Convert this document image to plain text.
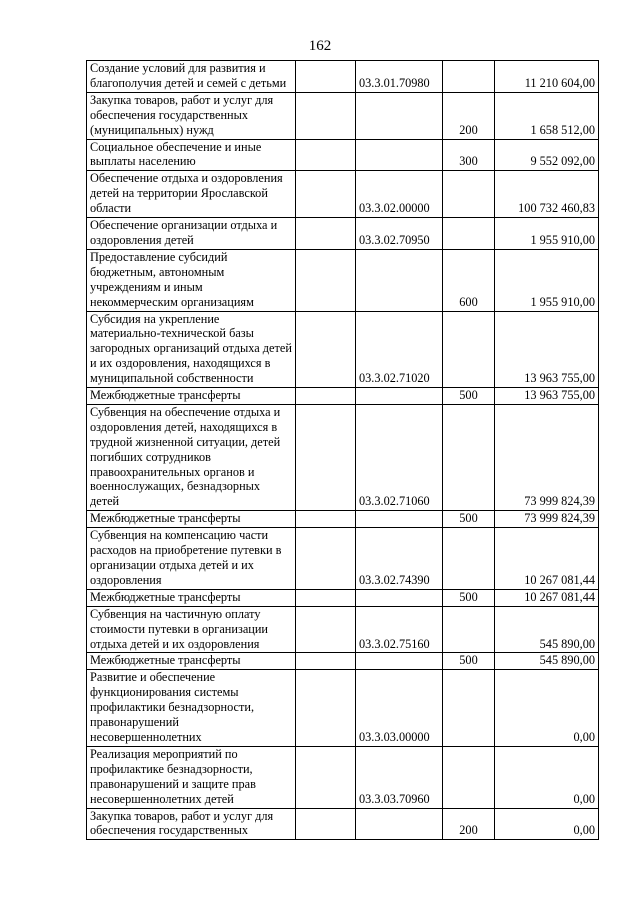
162
Создание условий для развития и благополучия детей и семей с детьми		03.3.01.70980		11 210 604,00
Закупка товаров, работ и услуг для обеспечения государственных (муниципальных) нужд			200	1 658 512,00
Социальное обеспечение и иные выплаты населению			300	9 552 092,00
Обеспечение отдыха и оздоровления детей на территории Ярославской области		03.3.02.00000		100 732 460,83
Обеспечение организации отдыха и оздоровления детей		03.3.02.70950		1 955 910,00
Предоставление субсидий бюджетным, автономным учреждениям и иным некоммерческим организациям			600	1 955 910,00
Субсидия на укрепление материально-технической базы загородных организаций отдыха детей и их оздоровления, находящихся в муниципальной собственности		03.3.02.71020		13 963 755,00
Межбюджетные трансферты			500	13 963 755,00
Субвенция на обеспечение отдыха и оздоровления детей, находящихся в трудной жизненной ситуации, детей погибших сотрудников правоохранительных органов и военнослужащих, безнадзорных детей		03.3.02.71060		73 999 824,39
Межбюджетные трансферты			500	73 999 824,39
Субвенция на компенсацию части расходов на приобретение путевки в организации отдыха детей и их оздоровления		03.3.02.74390		10 267 081,44
Межбюджетные трансферты			500	10 267 081,44
Субвенция на частичную оплату стоимости путевки в организации отдыха детей и их оздоровления		03.3.02.75160		545 890,00
Межбюджетные трансферты			500	545 890,00
Развитие и обеспечение функционирования системы профилактики безнадзорности, правонарушений несовершеннолетних		03.3.03.00000		0,00
Реализация мероприятий по профилактике безнадзорности, правонарушений и защите прав несовершеннолетних детей		03.3.03.70960		0,00
Закупка товаров, работ и услуг для обеспечения государственных			200	0,00
